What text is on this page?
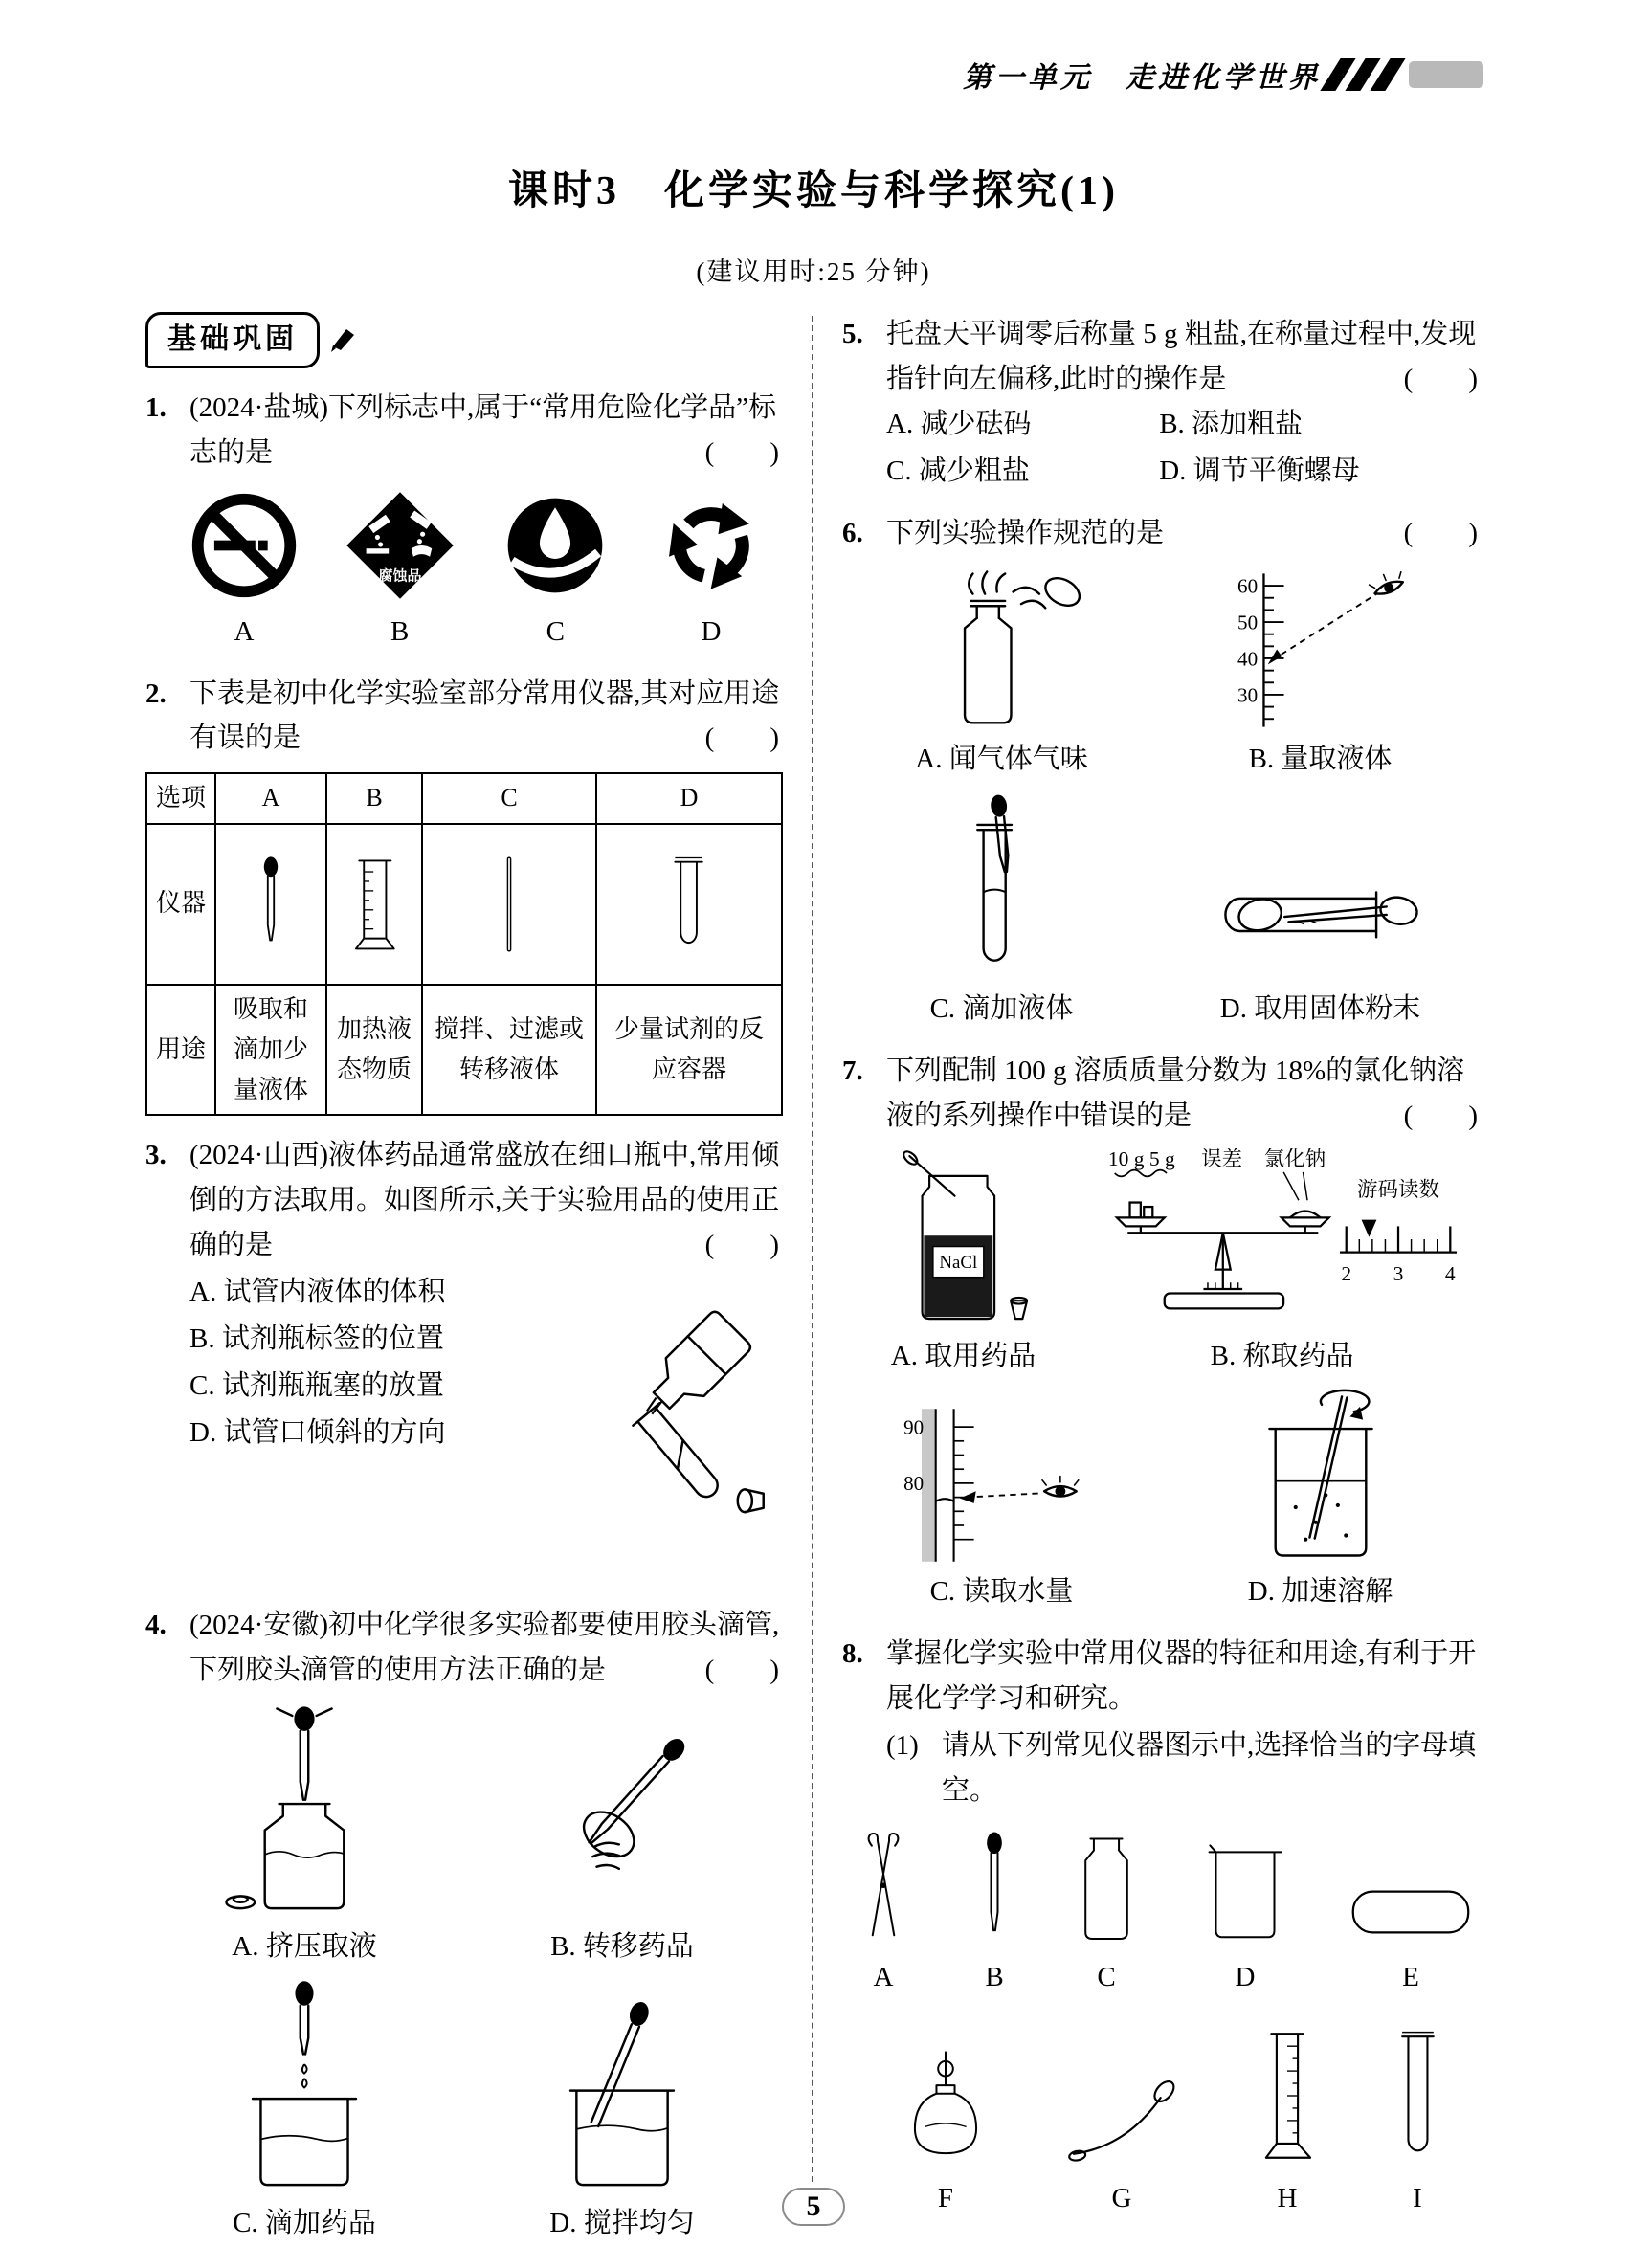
第一单元　走进化学世界
课时3　化学实验与科学探究(1)
(建议用时:25 分钟)
基础巩固
1. (2024·盐城)下列标志中,属于“常用危险化学品”标志的是	(　　)
A
腐蚀品
B	C	D
2. 下表是初中化学实验室部分常用仪器,其对应用途有误的是	(　　)
选项	A	B	C	D
仪器	

用途	吸取和滴加少量液体	加热液态物质	搅拌、过滤或转移液体	少量试剂的反应容器
3. (2024·山西)液体药品通常盛放在细口瓶中,常用倾倒的方法取用。如图所示,关于实验用品的使用正确的是	(　　)
A. 试管内液体的体积
B. 试剂瓶标签的位置
C. 试剂瓶瓶塞的放置
D. 试管口倾斜的方向
4. (2024·安徽)初中化学很多实验都要使用胶头滴管,下列胶头滴管的使用方法正确的是	(　　)
A. 挤压取液	B. 转移药品
C. 滴加药品	D. 搅拌均匀
5. 托盘天平调零后称量 5 g 粗盐,在称量过程中,发现指针向左偏移,此时的操作是	(　　)
A. 减少砝码	B. 添加粗盐
C. 减少粗盐	D. 调节平衡螺母
6. 下列实验操作规范的是	(　　)
A. 闻气体气味
60
50
40
30
B. 量取液体
C. 滴加液体	D. 取用固体粉末
7. 下列配制 100 g 溶质质量分数为 18%的氯化钠溶液的系列操作中错误的是	(　　)
NaCl
A. 取用药品
10 g 5 g 误差 氯化钠
游码读数
2 3 4
B. 称取药品
90
80
C. 读取水量	D. 加速溶解
8. 掌握化学实验中常用仪器的特征和用途,有利于开展化学学习和研究。
(1) 请从下列常见仪器图示中,选择恰当的字母填空。
A	B	C	D	E
F	G	H	I
5
